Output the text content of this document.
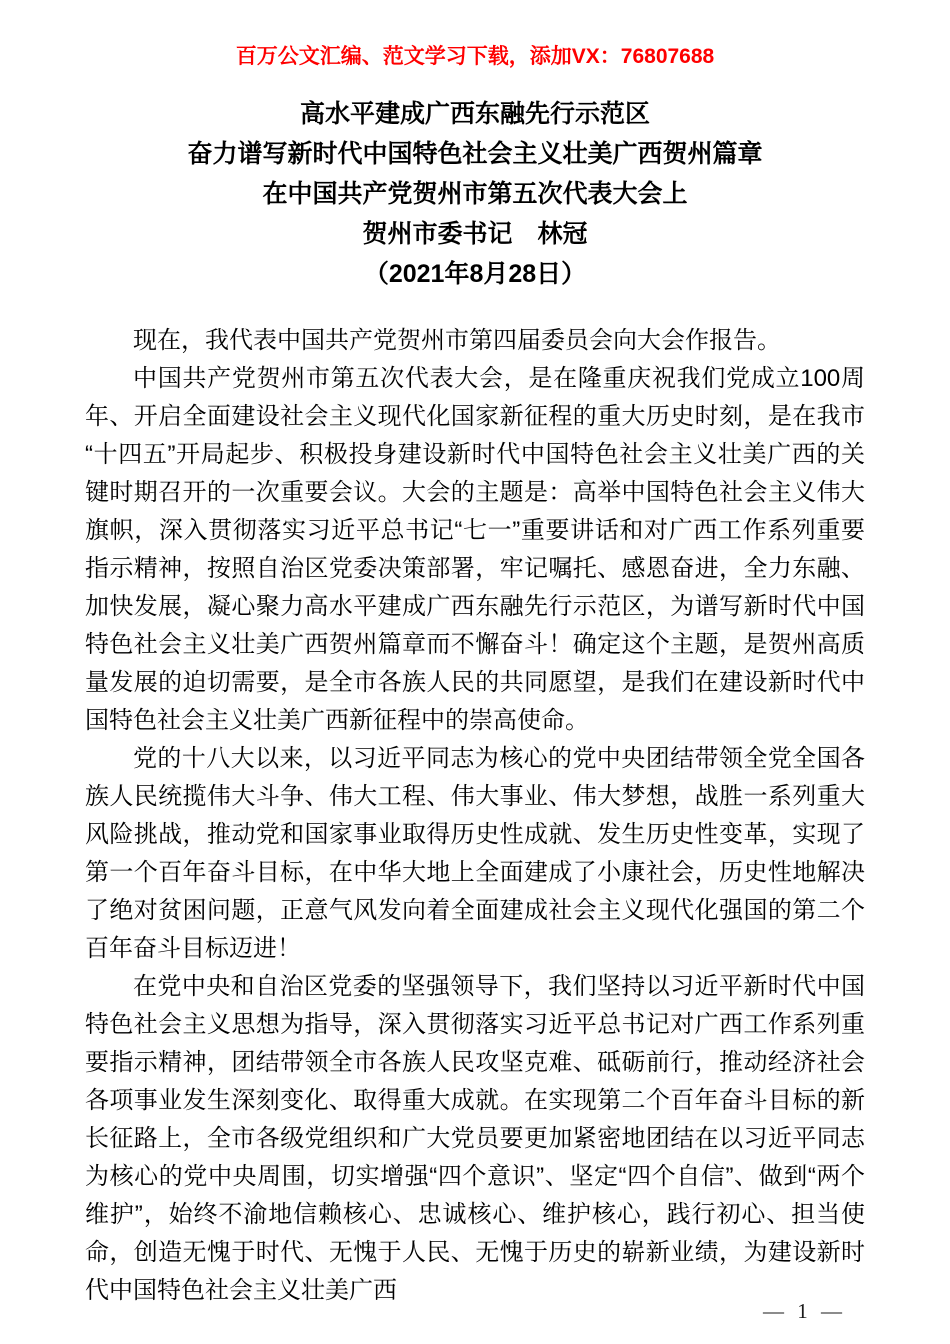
百万公文汇编、范文学习下载，添加VX：76807688
高水平建成广西东融先行示范区
奋力谱写新时代中国特色社会主义壮美广西贺州篇章
在中国共产党贺州市第五次代表大会上
贺州市委书记　林冠
（2021年8月28日）

现在，我代表中国共产党贺州市第四届委员会向大会作报告。

中国共产党贺州市第五次代表大会，是在隆重庆祝我们党成立100周年、开启全面建设社会主义现代化国家新征程的重大历史时刻，是在我市“十四五”开局起步、积极投身建设新时代中国特色社会主义壮美广西的关键时期召开的一次重要会议。大会的主题是：高举中国特色社会主义伟大旗帜，深入贯彻落实习近平总书记“七一”重要讲话和对广西工作系列重要指示精神，按照自治区党委决策部署，牢记嘱托、感恩奋进，全力东融、加快发展，凝心聚力高水平建成广西东融先行示范区，为谱写新时代中国特色社会主义壮美广西贺州篇章而不懈奋斗！确定这个主题，是贺州高质量发展的迫切需要，是全市各族人民的共同愿望，是我们在建设新时代中国特色社会主义壮美广西新征程中的崇高使命。

党的十八大以来，以习近平同志为核心的党中央团结带领全党全国各族人民统揽伟大斗争、伟大工程、伟大事业、伟大梦想，战胜一系列重大风险挑战，推动党和国家事业取得历史性成就、发生历史性变革，实现了第一个百年奋斗目标，在中华大地上全面建成了小康社会，历史性地解决了绝对贫困问题，正意气风发向着全面建成社会主义现代化强国的第二个百年奋斗目标迈进！

在党中央和自治区党委的坚强领导下，我们坚持以习近平新时代中国特色社会主义思想为指导，深入贯彻落实习近平总书记对广西工作系列重要指示精神，团结带领全市各族人民攻坚克难、砥砺前行，推动经济社会各项事业发生深刻变化、取得重大成就。在实现第二个百年奋斗目标的新长征路上，全市各级党组织和广大党员要更加紧密地团结在以习近平同志为核心的党中央周围，切实增强“四个意识”、坚定“四个自信”、做到“两个维护”，始终不渝地信赖核心、忠诚核心、维护核心，践行初心、担当使命，创造无愧于时代、无愧于人民、无愧于历史的崭新业绩，为建设新时代中国特色社会主义壮美广西

— 1 —
